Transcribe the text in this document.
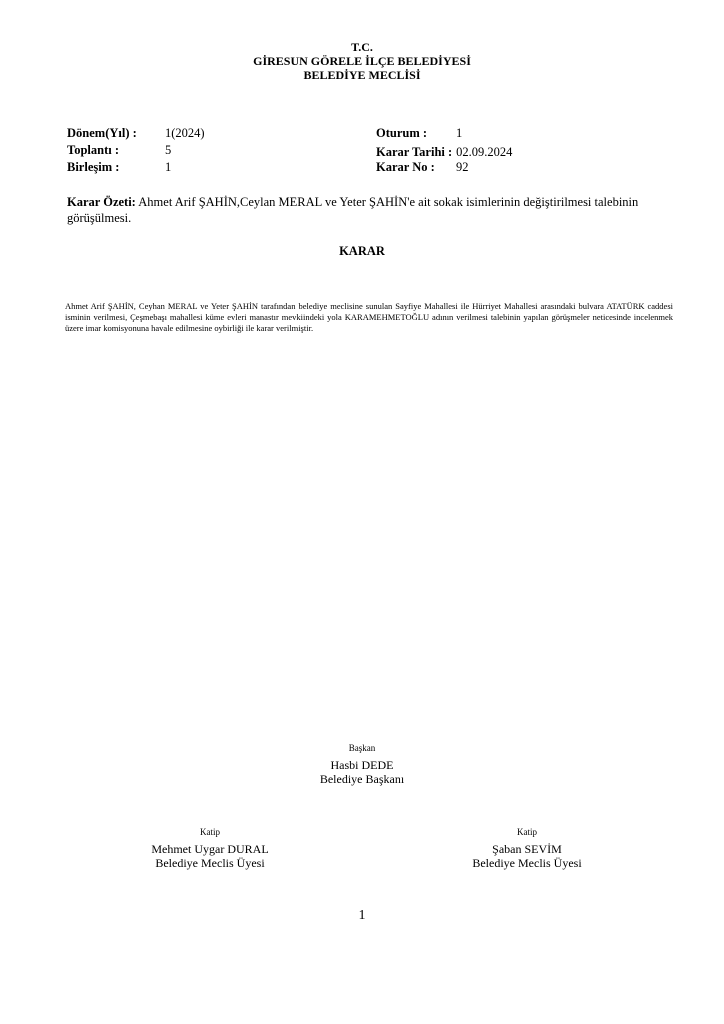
T.C.
GİRESUN GÖRELE İLÇE BELEDİYESİ
BELEDİYE MECLİSİ
Dönem(Yıl) : 1(2024)
Toplantı :	5
Birleşim :	1
Oturum : 1
Karar Tarihi : 02.09.2024
Karar No : 92
Karar Özeti: Ahmet Arif ŞAHİN,Ceylan MERAL ve Yeter ŞAHİN'e ait sokak isimlerinin değiştirilmesi talebinin görüşülmesi.
KARAR
Ahmet Arif ŞAHİN, Ceyhan MERAL ve Yeter ŞAHİN tarafından belediye meclisine sunulan Sayfiye Mahallesi ile Hürriyet Mahallesi arasındaki bulvara ATATÜRK caddesi isminin verilmesi, Çeşmebaşı mahallesi küme evleri manastır mevkiindeki yola KARAMEHMETOĞLU adının verilmesi talebinin yapılan görüşmeler neticesinde incelenmek üzere imar komisyonuna havale edilmesine oybirliği ile karar verilmiştir.
Başkan
Hasbi DEDE
Belediye Başkanı
Katip
Mehmet Uygar DURAL
Belediye Meclis Üyesi
Katip
Şaban SEVİM
Belediye Meclis Üyesi
1
